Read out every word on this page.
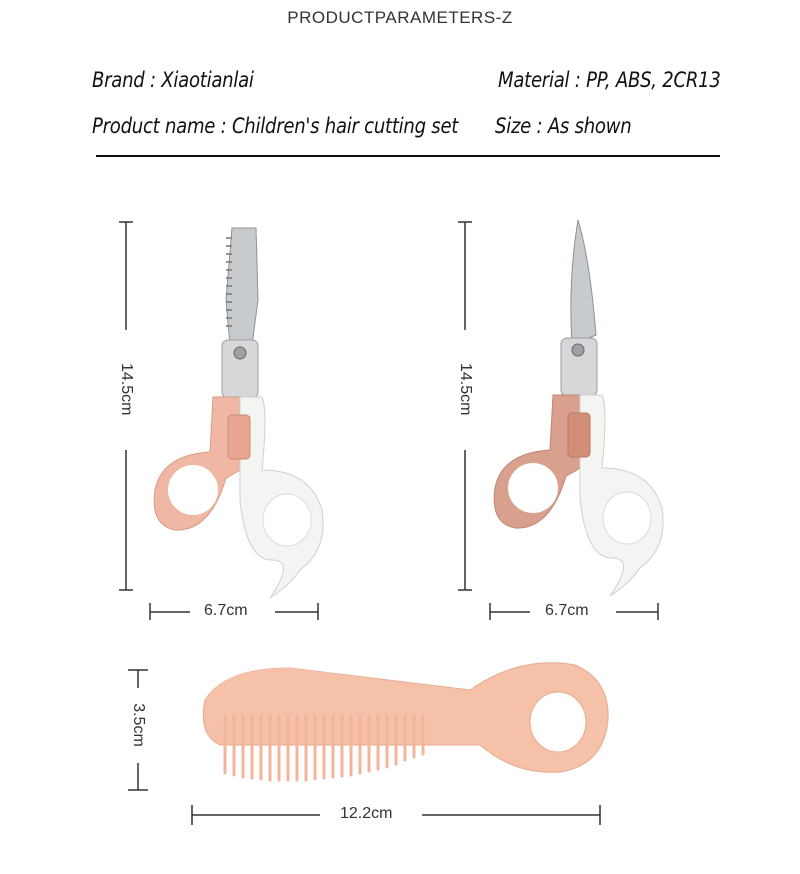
PRODUCTPARAMETERS-Z
Brand : Xiaotianlai	Material : PP, ABS, 2CR13
Product name : Children's hair cutting set Size : As shown
14.5cm	14.5cm
6.7cm	6.7cm
3.5cm
12.2cm
